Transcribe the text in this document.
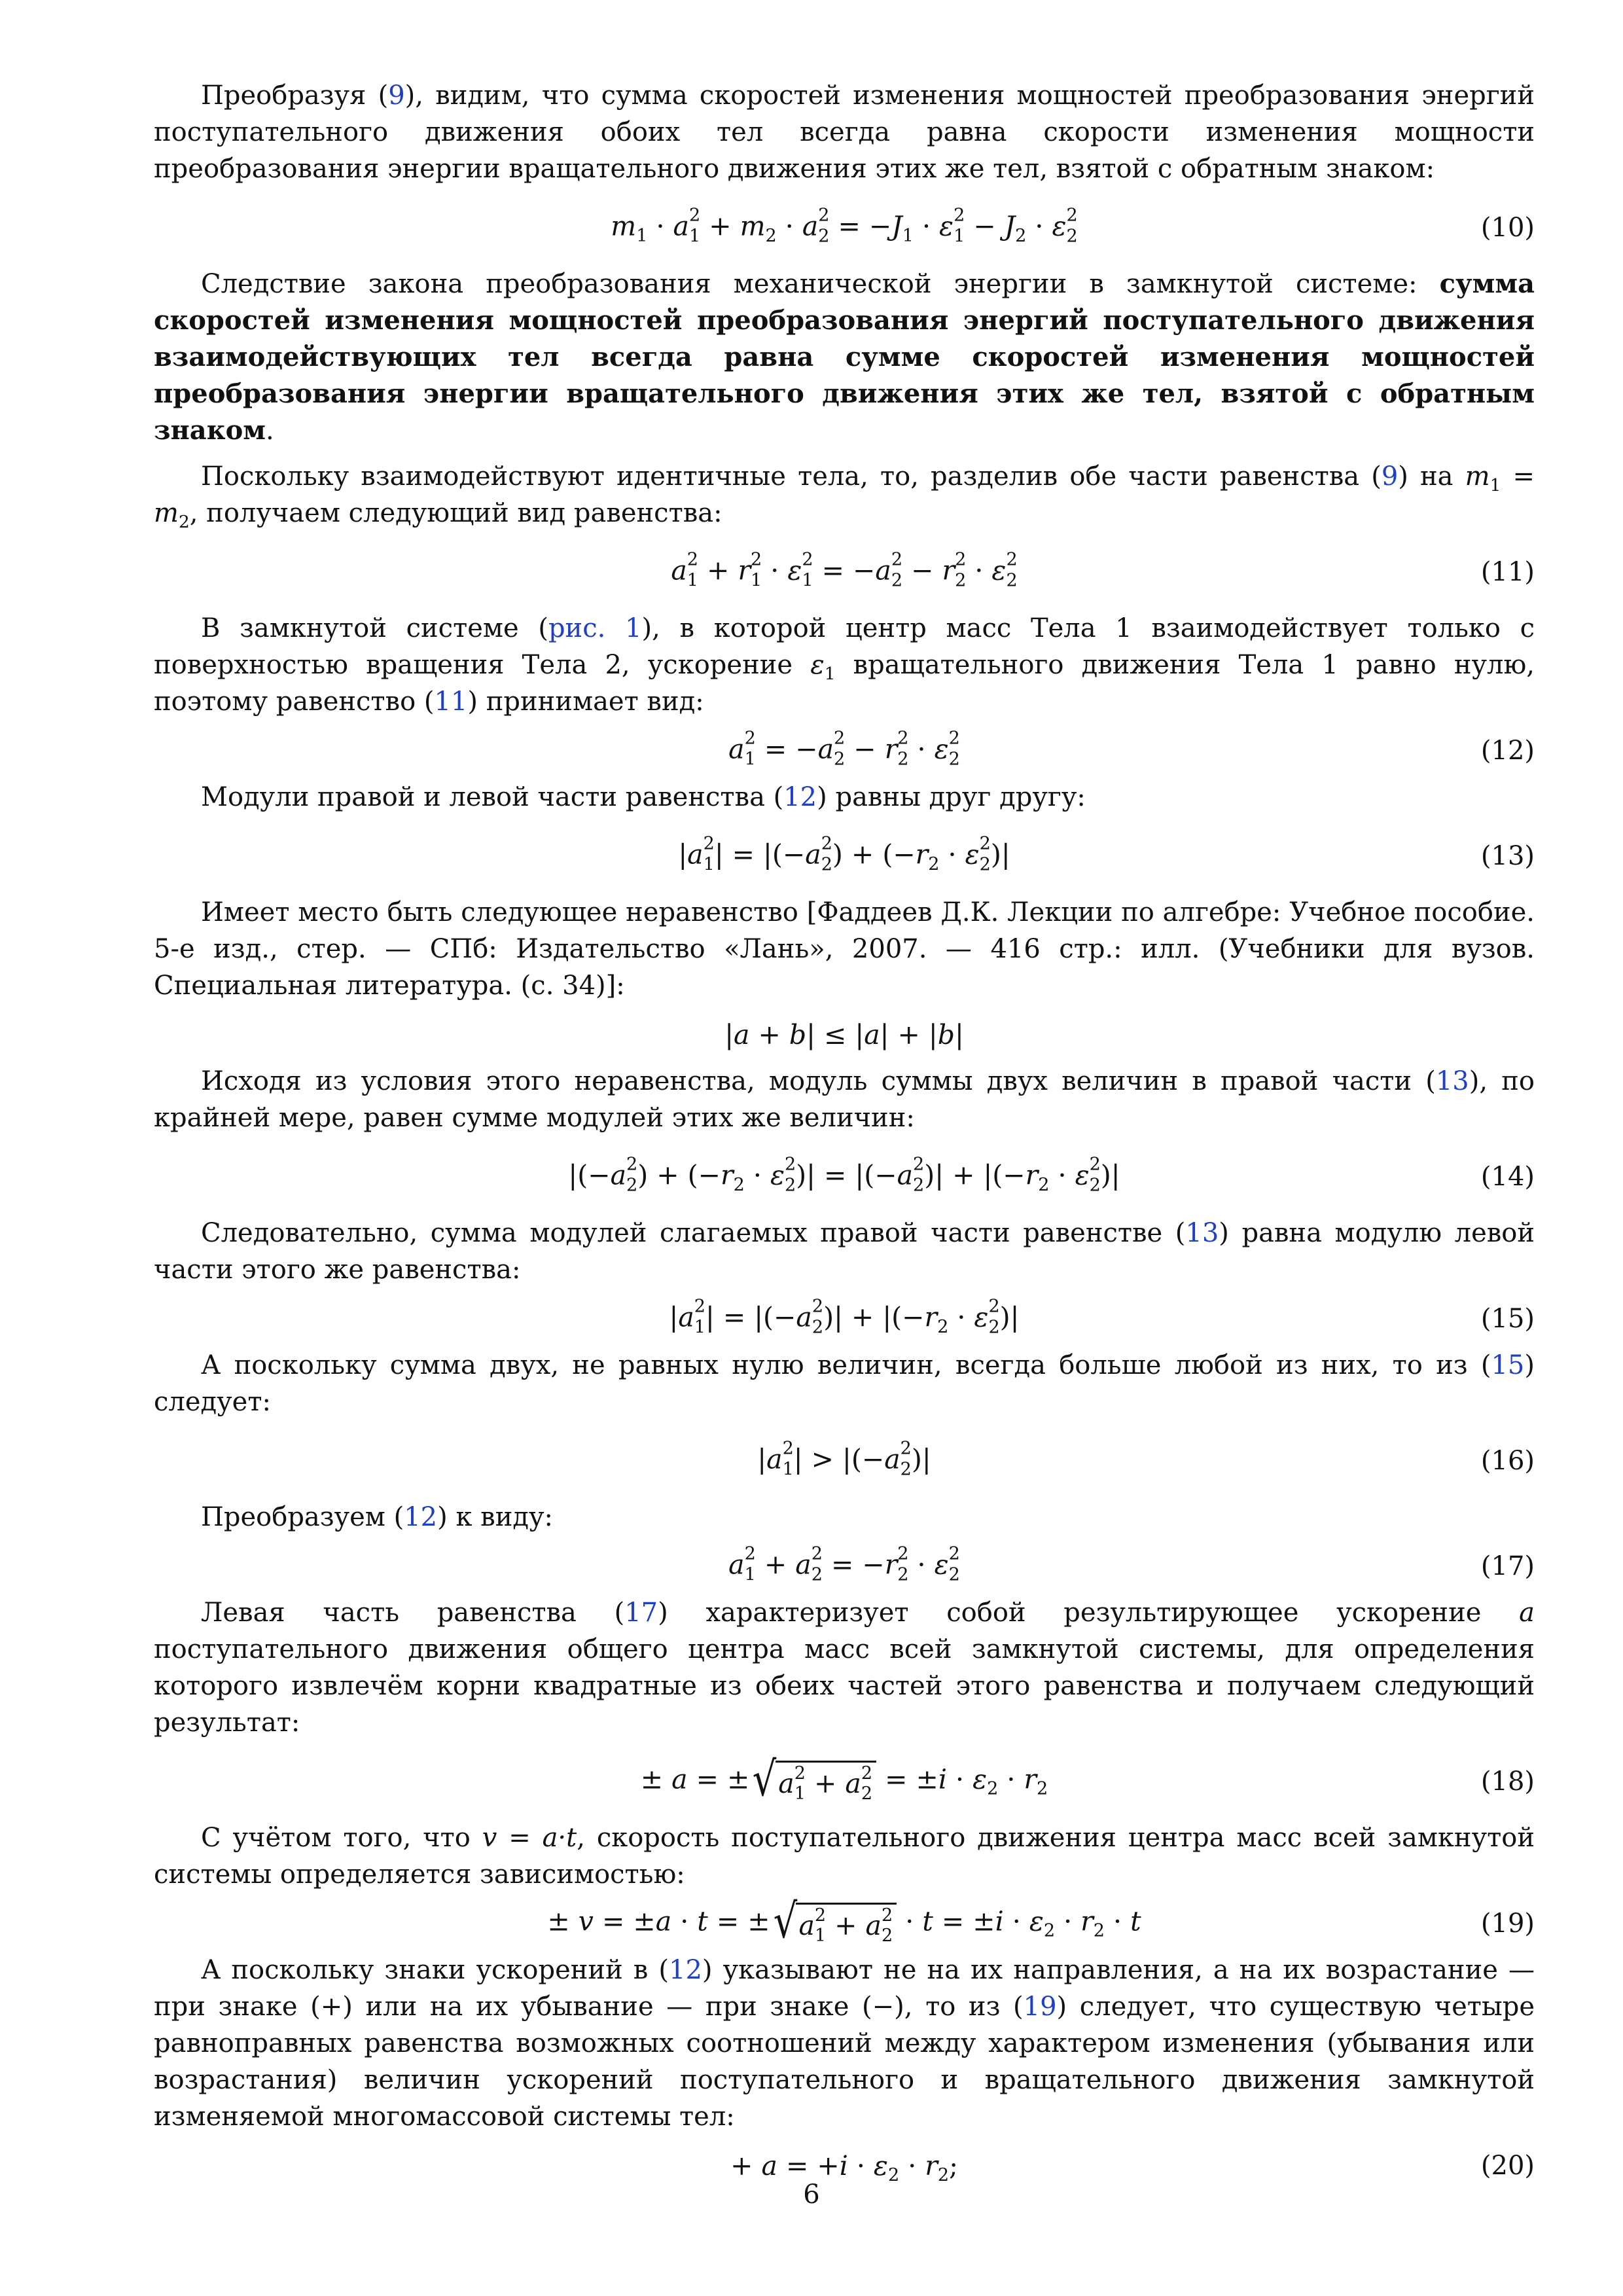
Преобразуя (9), видим, что сумма скоростей изменения мощностей преобразования энергий поступательного движения обоих тел всегда равна скорости изменения мощности преобразования энергии вращательного движения этих же тел, взятой с обратным знаком:

$m_1 \cdot a$ 2
$1 + m_2 \cdot a$ 2
$2 = -J_1 \cdot \varepsilon$ 2
$1 - J_2 \cdot \varepsilon$ 2
2	(10)

Следствие закона преобразования механической энергии в замкнутой системе: сумма скоростей изменения мощностей преобразования энергий поступательного движения взаимодействующих тел всегда равна сумме скоростей изменения мощностей преобразования энергии вращательного движения этих же тел, взятой с обратным знаком.

Поскольку взаимодействуют идентичные тела, то, разделив обе части равенства (9) на $m_1 = m_2$, получаем следующий вид равенства:

a 2
1 + r 2
1 · ε 2
1 = −a 2
2 − r 2
2 · ε 2
2	(11)

В замкнутой системе (рис. 1), в которой центр масс Тела 1 взаимодействует только с поверхностью вращения Тела 2, ускорение $\varepsilon_1$ вращательного движения Тела 1 равно нулю, поэтому равенство (11) принимает вид:

a 2
1 = −a 2
2 − r 2
2 · ε 2
2	(12)

Модули правой и левой части равенства (12) равны друг другу:

|a 2
1 | = |(−a 2
2 ) + ($-r_2 \cdot \varepsilon$ 2
2 )|	(13)

Имеет место быть следующее неравенство [Фаддеев Д.К. Лекции по алгебре: Учебное пособие. 5-е изд., стер. — СПб: Издательство «Лань», 2007. — 416 стр.: илл. (Учебники для вузов. Специальная литература. (с. 34)]:

|a + b| ≤ |a| + |b|

Исходя из условия этого неравенства, модуль суммы двух величин в правой части (13), по крайней мере, равен сумме модулей этих же величин:

|(−a 2
2 ) + ($-r_2 \cdot \varepsilon$ 2
2 )| = |(−a 2
2 )| + $|(-r_2 \cdot \varepsilon$ 2
2 )|	(14)

Следовательно, сумма модулей слагаемых правой части равенстве (13) равна модулю левой части этого же равенства:

|a 2
1 | = |(−a 2
2 )| + $|(-r_2 \cdot \varepsilon$ 2
2 )|	(15)

А поскольку сумма двух, не равных нулю величин, всегда больше любой из них, то из (15) следует:

|a 2
1 | > |(−a 2
2 )|	(16)

Преобразуем (12) к виду:

a 2
1 + a 2
2 = −r 2
2 · ε 2
2	(17)

Левая часть равенства (17) характеризует собой результирующее ускорение a поступательного движения общего центра масс всей замкнутой системы, для определения которого извлечём корни квадратные из обеих частей этого равенства и получаем следующий результат:

± a = ±√a 2
1 + a 2
$2 = \pm i \cdot \varepsilon_2 \cdot r_2$	(18)

С учётом того, что v = a·t, скорость поступательного движения центра масс всей замкнутой системы определяется зависимостью:

± v = ±a · t = ±√a 2
1 + a 2
$2 \cdot t = \pm i \cdot \varepsilon_2 \cdot r_2 \cdot t$	(19)

А поскольку знаки ускорений в (12) указывают не на их направления, а на их возрастание — при знаке (+) или на их убывание — при знаке (−), то из (19) следует, что существую четыре равноправных равенства возможных соотношений между характером изменения (убывания или возрастания) величин ускорений поступательного и вращательного движения замкнутой изменяемой многомассовой системы тел:

+ $a = +i \cdot \varepsilon_2 \cdot r_2$;	(20)
6
